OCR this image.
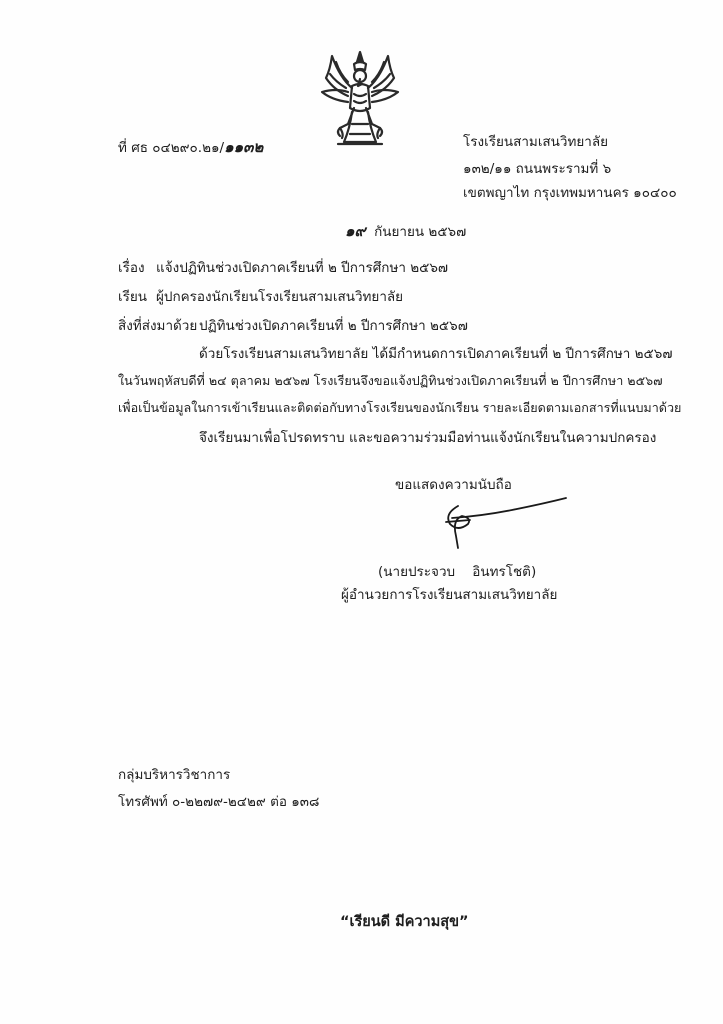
ที่ ศธ ๐๔๒๙๐.๒๑/๑๑๓๒	โรงเรียนสามเสนวิทยาลัย
๑๓๒/๑๑ ถนนพระรามที่ ๖
เขตพญาไท กรุงเทพมหานคร ๑๐๔๐๐
๑๙ กันยายน ๒๕๖๗
เรื่อง แจ้งปฏิทินช่วงเปิดภาคเรียนที่ ๒ ปีการศึกษา ๒๕๖๗
เรียน ผู้ปกครองนักเรียนโรงเรียนสามเสนวิทยาลัย
สิ่งที่ส่งมาด้วย ปฏิทินช่วงเปิดภาคเรียนที่ ๒ ปีการศึกษา ๒๕๖๗
ด้วยโรงเรียนสามเสนวิทยาลัย ได้มีกำหนดการเปิดภาคเรียนที่ ๒ ปีการศึกษา ๒๕๖๗
ในวันพฤหัสบดีที่ ๒๔ ตุลาคม ๒๕๖๗ โรงเรียนจึงขอแจ้งปฏิทินช่วงเปิดภาคเรียนที่ ๒ ปีการศึกษา ๒๕๖๗
เพื่อเป็นข้อมูลในการเข้าเรียนและติดต่อกับทางโรงเรียนของนักเรียน รายละเอียดตามเอกสารที่แนบมาด้วย
จึงเรียนมาเพื่อโปรดทราบ และขอความร่วมมือท่านแจ้งนักเรียนในความปกครอง
ขอแสดงความนับถือ
(นายประจวบ    อินทรโชติ)
ผู้อำนวยการโรงเรียนสามเสนวิทยาลัย
กลุ่มบริหารวิชาการ
โทรศัพท์ ๐-๒๒๗๙-๒๔๒๙ ต่อ ๑๓๘
“เรียนดี มีความสุข”
